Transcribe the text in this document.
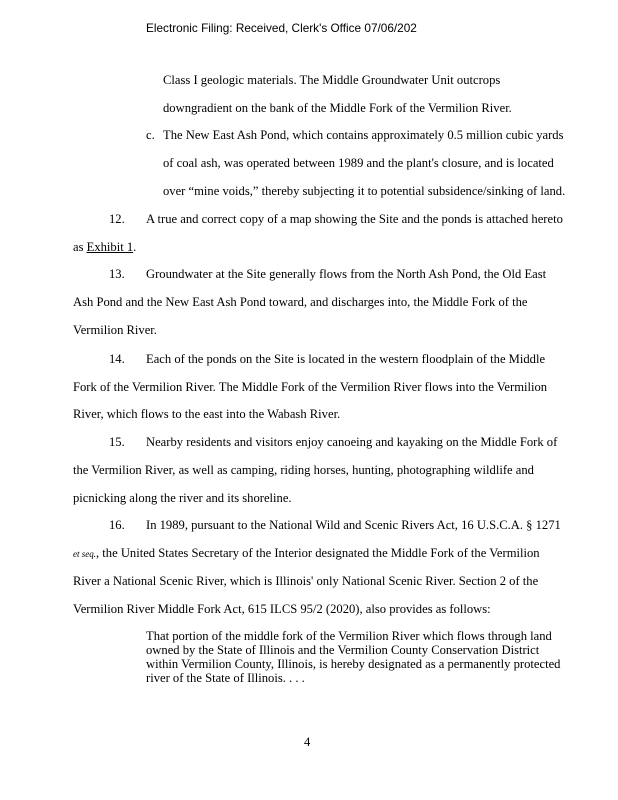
Electronic Filing: Received, Clerk's Office 07/06/202
Class I geologic materials. The Middle Groundwater Unit outcrops
downgradient on the bank of the Middle Fork of the Vermilion River.
c. The New East Ash Pond, which contains approximately 0.5 million cubic yards
of coal ash, was operated between 1989 and the plant's closure, and is located
over “mine voids,” thereby subjecting it to potential subsidence/sinking of land.
12. A true and correct copy of a map showing the Site and the ponds is attached hereto
as Exhibit 1.
13. Groundwater at the Site generally flows from the North Ash Pond, the Old East
Ash Pond and the New East Ash Pond toward, and discharges into, the Middle Fork of the
Vermilion River.
14. Each of the ponds on the Site is located in the western floodplain of the Middle
Fork of the Vermilion River. The Middle Fork of the Vermilion River flows into the Vermilion
River, which flows to the east into the Wabash River.
15. Nearby residents and visitors enjoy canoeing and kayaking on the Middle Fork of
the Vermilion River, as well as camping, riding horses, hunting, photographing wildlife and
picnicking along the river and its shoreline.
16. In 1989, pursuant to the National Wild and Scenic Rivers Act, 16 U.S.C.A. § 1271
et seq., the United States Secretary of the Interior designated the Middle Fork of the Vermilion
River a National Scenic River, which is Illinois' only National Scenic River. Section 2 of the
Vermilion River Middle Fork Act, 615 ILCS 95/2 (2020), also provides as follows:
That portion of the middle fork of the Vermilion River which flows through land
owned by the State of Illinois and the Vermilion County Conservation District
within Vermilion County, Illinois, is hereby designated as a permanently protected
river of the State of Illinois. . . .
4
